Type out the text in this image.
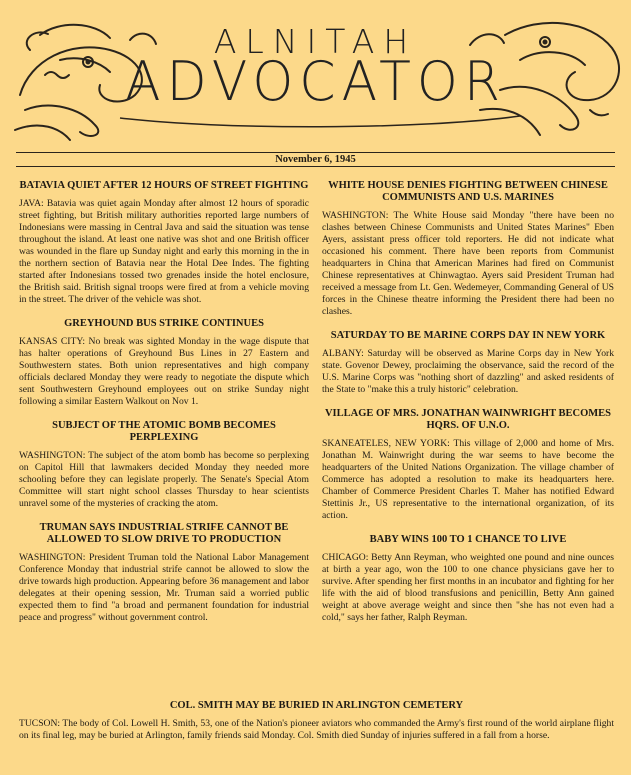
ALNITAH
ADVOCATOR
November 6, 1945
BATAVIA QUIET AFTER 12 HOURS OF STREET FIGHTING

JAVA: Batavia was quiet again Monday after almost 12 hours of sporadic street fighting, but British military authorities reported large numbers of Indonesians were massing in Central Java and said the situation was tense throughout the island. At least one native was shot and one British officer was wounded in the flare up Sunday night and early this morning in the in the northern section of Batavia near the Hotal Dee Indes. The fighting started after Indonesians tossed two grenades inside the hotel enclosure, the British said. British signal troops were fired at from a vehicle moving in the street. The driver of the vehicle was shot.

GREYHOUND BUS STRIKE CONTINUES

KANSAS CITY: No break was sighted Monday in the wage dispute that has halter operations of Greyhound Bus Lines in 27 Eastern and Southwestern states. Both union representatives and high company officials declared Monday they were ready to negotiate the dispute which sent Southwestern Greyhound employees out on strike Sunday night following a similar Eastern Walkout on Nov 1.

SUBJECT OF THE ATOMIC BOMB BECOMES PERPLEXING

WASHINGTON: The subject of the atom bomb has become so perplexing on Capitol Hill that lawmakers decided Monday they needed more schooling before they can legislate properly. The Senate's Special Atom Committee will start night school classes Thursday to hear scientists unravel some of the mysteries of cracking the atom.

TRUMAN SAYS INDUSTRIAL STRIFE CANNOT BE ALLOWED TO SLOW DRIVE TO PRODUCTION

WASHINGTON: President Truman told the National Labor Management Conference Monday that industrial strife cannot be allowed to slow the drive towards high production. Appearing before 36 management and labor delegates at their opening session, Mr. Truman said a worried public expected them to find "a broad and permanent foundation for industrial peace and progress" without government control.

WHITE HOUSE DENIES FIGHTING BETWEEN CHINESE COMMUNISTS AND U.S. MARINES

WASHINGTON: The White House said Monday "there have been no clashes between Chinese Communists and United States Marines" Eben Ayers, assistant press officer told reporters. He did not indicate what occasioned his comment. There have been reports from Communist headquarters in China that American Marines had fired on Communist Chinese representatives at Chinwagtao. Ayers said President Truman had received a message from Lt. Gen. Wedemeyer, Commanding General of US forces in the Chinese theatre informing the President there had been no clashes.

SATURDAY TO BE MARINE CORPS DAY IN NEW YORK

ALBANY: Saturday will be observed as Marine Corps day in New York state. Govenor Dewey, proclaiming the observance, said the record of the U.S. Marine Corps was "nothing short of dazzling" and asked residents of the State to "make this a truly historic" celebration.

VILLAGE OF MRS. JONATHAN WAINWRIGHT BECOMES HQRS. OF U.N.O.

SKANEATELES, NEW YORK: This village of 2,000 and home of Mrs. Jonathan M. Wainwright during the war seems to have become the headquarters of the United Nations Organization. The village chamber of Commerce has adopted a resolution to make its headquarters here. Chamber of Commerce President Charles T. Maher has notified Edward Stettinis Jr., US representative to the international organization, of its action.

BABY WINS 100 TO 1 CHANCE TO LIVE

CHICAGO: Betty Ann Reyman, who weighted one pound and nine ounces at birth a year ago, won the 100 to one chance physicians gave her to survive. After spending her first months in an incubator and fighting for her life with the aid of blood transfusions and penicillin, Betty Ann gained weight at above average weight and since then "she has not even had a cold," says her father, Ralph Reyman.

COL. SMITH MAY BE BURIED IN ARLINGTON CEMETERY

TUCSON: The body of Col. Lowell H. Smith, 53, one of the Nation's pioneer aviators who commanded the Army's first round of the world airplane flight on its final leg, may be buried at Arlington, family friends said Monday. Col. Smith died Sunday of injuries suffered in a fall from a horse.
